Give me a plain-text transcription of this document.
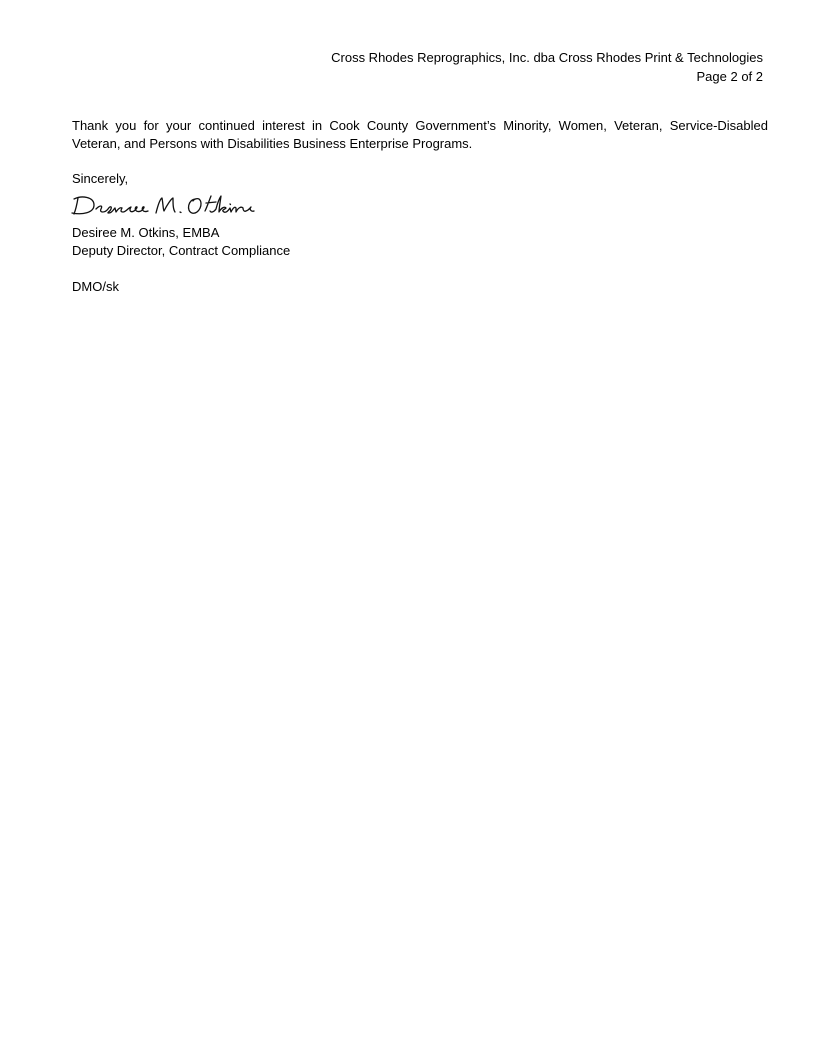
Cross Rhodes Reprographics, Inc. dba Cross Rhodes Print & Technologies
Page 2 of 2
Thank you for your continued interest in Cook County Government’s Minority, Women, Veteran, Service-Disabled Veteran, and Persons with Disabilities Business Enterprise Programs.
Sincerely,
Desiree M. Otkins, EMBA
Deputy Director, Contract Compliance
DMO/sk
